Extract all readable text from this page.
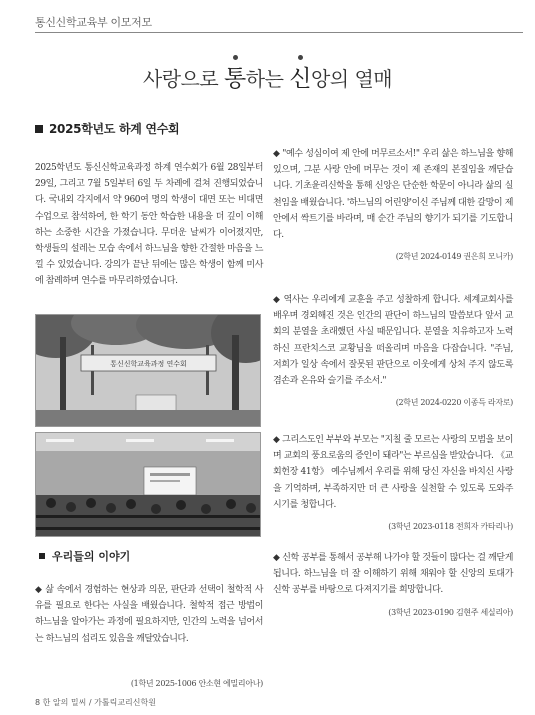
통신신학교육부 이모저모
사랑으로
통하는
신앙의 열매
2025학년도 하계 연수회

2025학년도 통신신학교육과정 하계 연수회가 6월 28일부터 29일, 그리고 7월 5일부터 6일 두 차례에 걸쳐 진행되었습니다. 국내외 각지에서 약 960여 명의 학생이 대면 또는 비대면 수업으로 참석하여, 한 학기 동안 학습한 내용을 더 깊이 이해하는 소중한 시간을 가졌습니다. 무더운 날씨가 이어졌지만, 학생들의 설레는 모습 속에서 하느님을 향한 간절한 마음을 느낄 수 있었습니다. 강의가 끝난 뒤에는 많은 학생이 함께 미사에 참례하며 연수를 마무리하였습니다.

통신신학교육과정 연수회
우리들의 이야기

◆ 삶 속에서 경험하는 현상과 의문, 판단과 선택이 철학적 사유를 필요로 한다는 사실을 배웠습니다. 철학적 접근 방법이 하느님을 알아가는 과정에 필요하지만, 인간의 노력을 넘어서는 하느님의 섭리도 있음을 깨달았습니다.

(1학년 2025-1006 안소현 에밀리아나)

◆ "예수 성심이여 제 안에 머무르소서!" 우리 삶은 하느님을 향해 있으며, 그분 사랑 안에 머무는 것이 제 존재의 본질임을 깨닫습니다. 기초윤리신학을 통해 신앙은 단순한 학문이 아니라 삶의 실천임을 배웠습니다. '하느님의 어린양'이신 주님께 대한 갈망이 제 안에서 싹트기를 바라며, 매 순간 주님의 향기가 되기를 기도합니다.

(2학년 2024-0149 권은희 모니카)

◆ 역사는 우리에게 교훈을 주고 성찰하게 합니다. 세계교회사를 배우며 경외해진 것은 인간의 판단이 하느님의 말씀보다 앞서 교회의 분열을 초래했던 사실 때문입니다. 분열을 치유하고자 노력하신 프란치스코 교황님을 떠올리며 마음을 다잡습니다. "주님, 저희가 일상 속에서 잘못된 판단으로 이웃에게 상처 주지 않도록 겸손과 온유와 슬기를 주소서."

(2학년 2024-0220 이종득 라자로)

◆ 그리스도인 부부와 부모는 "지칠 줄 모르는 사랑의 모범을 보이며 교회의 풍요로움의 증인이 돼라"는 부르심을 받았습니다. 《교회헌장 41항》 예수님께서 우리를 위해 당신 자신을 바치신 사랑을 기억하며, 부족하지만 더 큰 사랑을 실천할 수 있도록 도와주시기를 청합니다.

(3학년 2023-0118 전희자 카타리나)

◆ 신학 공부를 통해서 공부해 나가야 할 것들이 많다는 걸 깨닫게 됩니다. 하느님을 더 잘 이해하기 위해 채워야 할 신앙의 토대가 신학 공부를 바탕으로 다져지기를 희망합니다.

(3학년 2023-0190 김현주 세실리아)

8 한 알의 밀씨 / 가톨릭교리신학원
